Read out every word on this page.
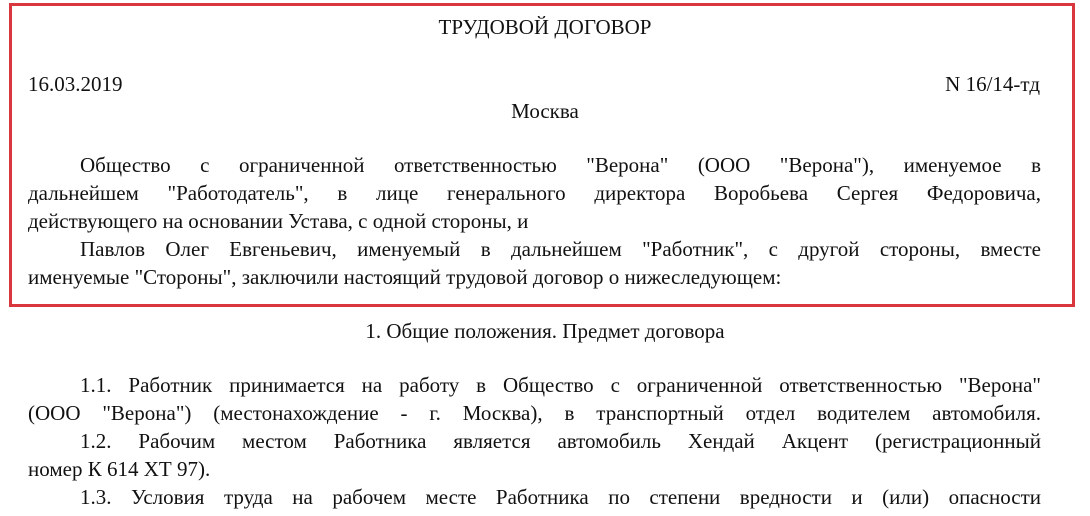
ТРУДОВОЙ ДОГОВОР
16.03.2019	N 16/14-тд
Москва
Общество с ограниченной ответственностью "Верона" (ООО "Верона"), именуемое в
дальнейшем "Работодатель", в лице генерального директора Воробьева Сергея Федоровича,
действующего на основании Устава, с одной стороны, и
Павлов Олег Евгеньевич, именуемый в дальнейшем "Работник", с другой стороны, вместе
именуемые "Стороны", заключили настоящий трудовой договор о нижеследующем:
1. Общие положения. Предмет договора
1.1. Работник принимается на работу в Общество с ограниченной ответственностью "Верона"
(ООО "Верона") (местонахождение - г. Москва), в транспортный отдел водителем автомобиля.
1.2. Рабочим местом Работника является автомобиль Хендай Акцент (регистрационный
номер К 614 ХТ 97).
1.3. Условия труда на рабочем месте Работника по степени вредности и (или) опасности
